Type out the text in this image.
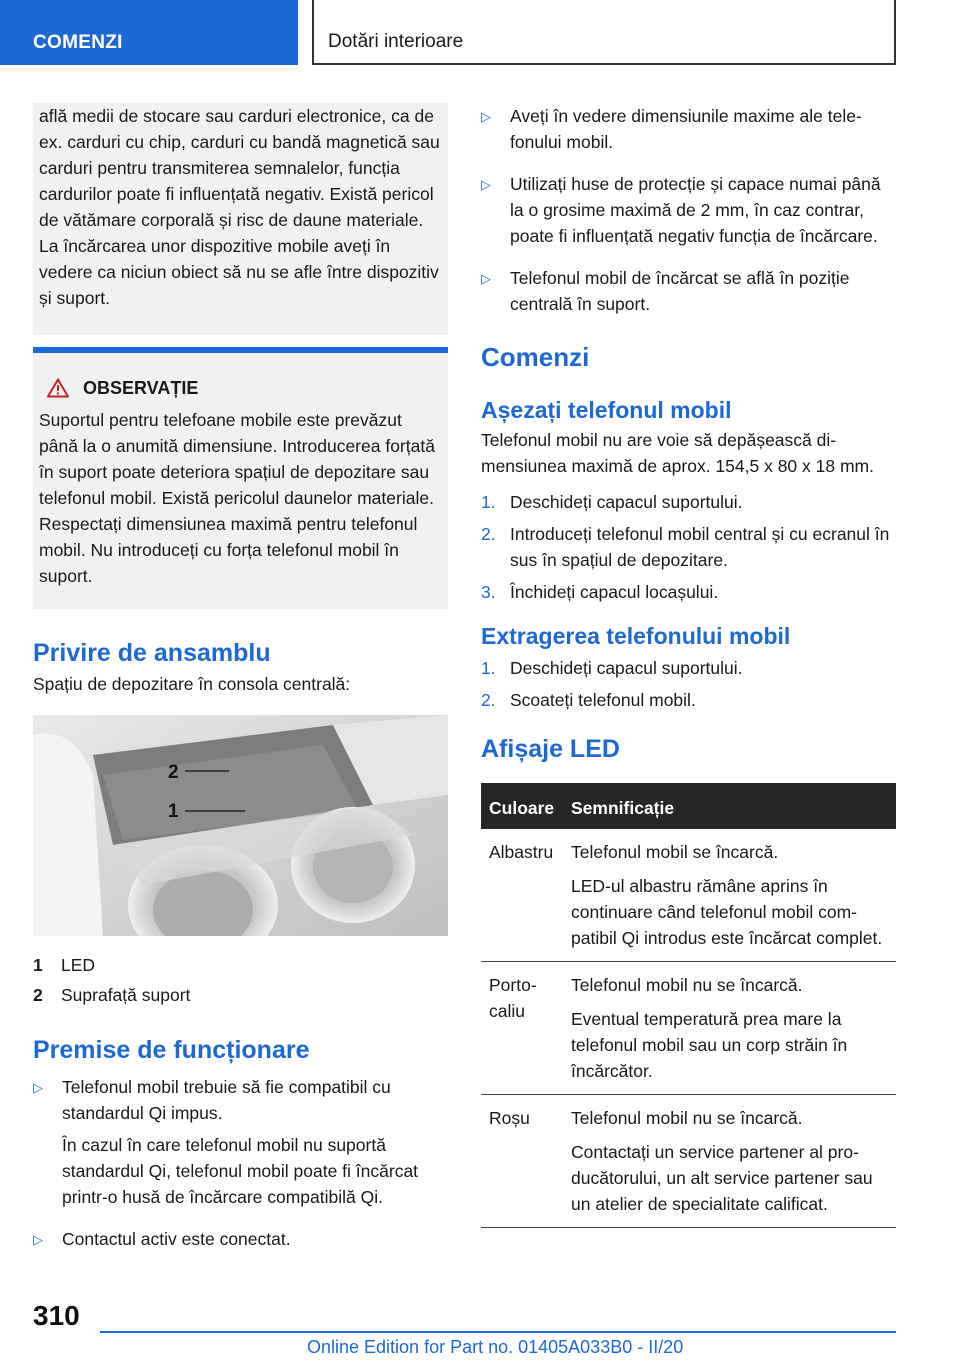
COMENZI	Dotări interioare

află medii de stocare sau carduri electronice, ca de ex. carduri cu chip, carduri cu bandă magnetică sau carduri pentru transmiterea semnalelor, funcția cardurilor poate fi influențată negativ. Există pericol de vătămare corporală și risc de daune materiale. La încărcarea unor dispozitive mobile aveți în vedere ca niciun obiect să nu se afle între dispozitiv și suport.

OBSERVAȚIE

Suportul pentru telefoane mobile este prevăzut până la o anumită dimensiune. Introducerea forțată în suport poate deteriora spațiul de depozitare sau telefonul mobil. Există pericolul daunelor materiale. Respectați dimensiunea maximă pentru telefonul mobil. Nu introduceți cu forța telefonul mobil în suport.

Privire de ansamblu

Spațiu de depozitare în consola centrală:

2
1
1	LED
2	Suprafață suport
Premise de funcționare
▷	Telefonul mobil trebuie să fie compatibil cu standardul Qi impus.

În cazul în care telefonul mobil nu suportă standardul Qi, telefonul mobil poate fi încărcat printr-o husă de încărcare compatibilă Qi.

▷	Contactul activ este conectat.

▷	Aveți în vedere dimensiunile maxime ale telefonului mobil.

▷	Utilizați huse de protecție și capace numai până la o grosime maximă de 2 mm, în caz contrar, poate fi influențată negativ funcția de încărcare.

▷	Telefonul mobil de încărcat se află în poziție centrală în suport.

Comenzi
Așezați telefonul mobil

Telefonul mobil nu are voie să depășească dimensiunea maximă de aprox. 154,5 x 80 x 18 mm.

1. Deschideți capacul suportului.
2. Introduceți telefonul mobil central și cu ecranul în sus în spațiul de depozitare.
3. Închideți capacul locașului.
Extragerea telefonului mobil
1. Deschideți capacul suportului.
2. Scoateți telefonul mobil.
Afișaje LED
Culoare	Semnificație
Albastru	Telefonul mobil se încarcă.

LED-ul albastru rămâne aprins în continuare când telefonul mobil compatibil Qi introdus este încărcat complet.

Portocaliu	Telefonul mobil nu se încarcă.

Eventual temperatură prea mare la telefonul mobil sau un corp străin în încărcător.

Roșu	Telefonul mobil nu se încarcă.

Contactați un service partener al producătorului, un alt service partener sau un atelier de specialitate calificat.

310
Online Edition for Part no. 01405A033B0 - II/20
